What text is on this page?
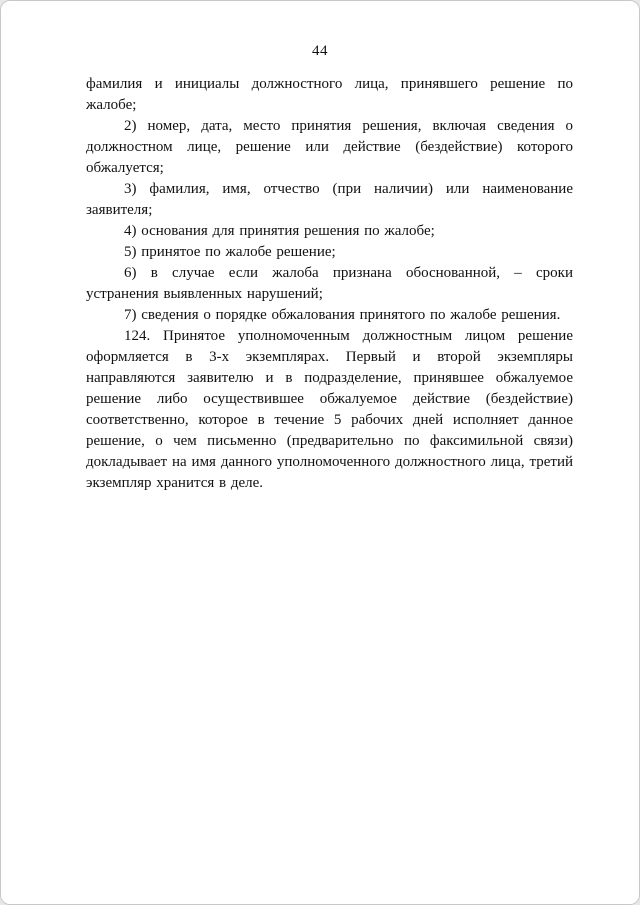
44

фамилия и инициалы должностного лица, принявшего решение по жалобе;

2) номер, дата, место принятия решения, включая сведения о должностном лице, решение или действие (бездействие) которого обжалуется;

3) фамилия, имя, отчество (при наличии) или наименование заявителя;

4) основания для принятия решения по жалобе;

5) принятое по жалобе решение;

6) в случае если жалоба признана обоснованной, – сроки устранения выявленных нарушений;

7) сведения о порядке обжалования принятого по жалобе решения.

124. Принятое уполномоченным должностным лицом решение оформляется в 3-х экземплярах. Первый и второй экземпляры направляются заявителю и в подразделение, принявшее обжалуемое решение либо осуществившее обжалуемое действие (бездействие) соответственно, которое в течение 5 рабочих дней исполняет данное решение, о чем письменно (предварительно по факсимильной связи) докладывает на имя данного уполномоченного должностного лица, третий экземпляр хранится в деле.
